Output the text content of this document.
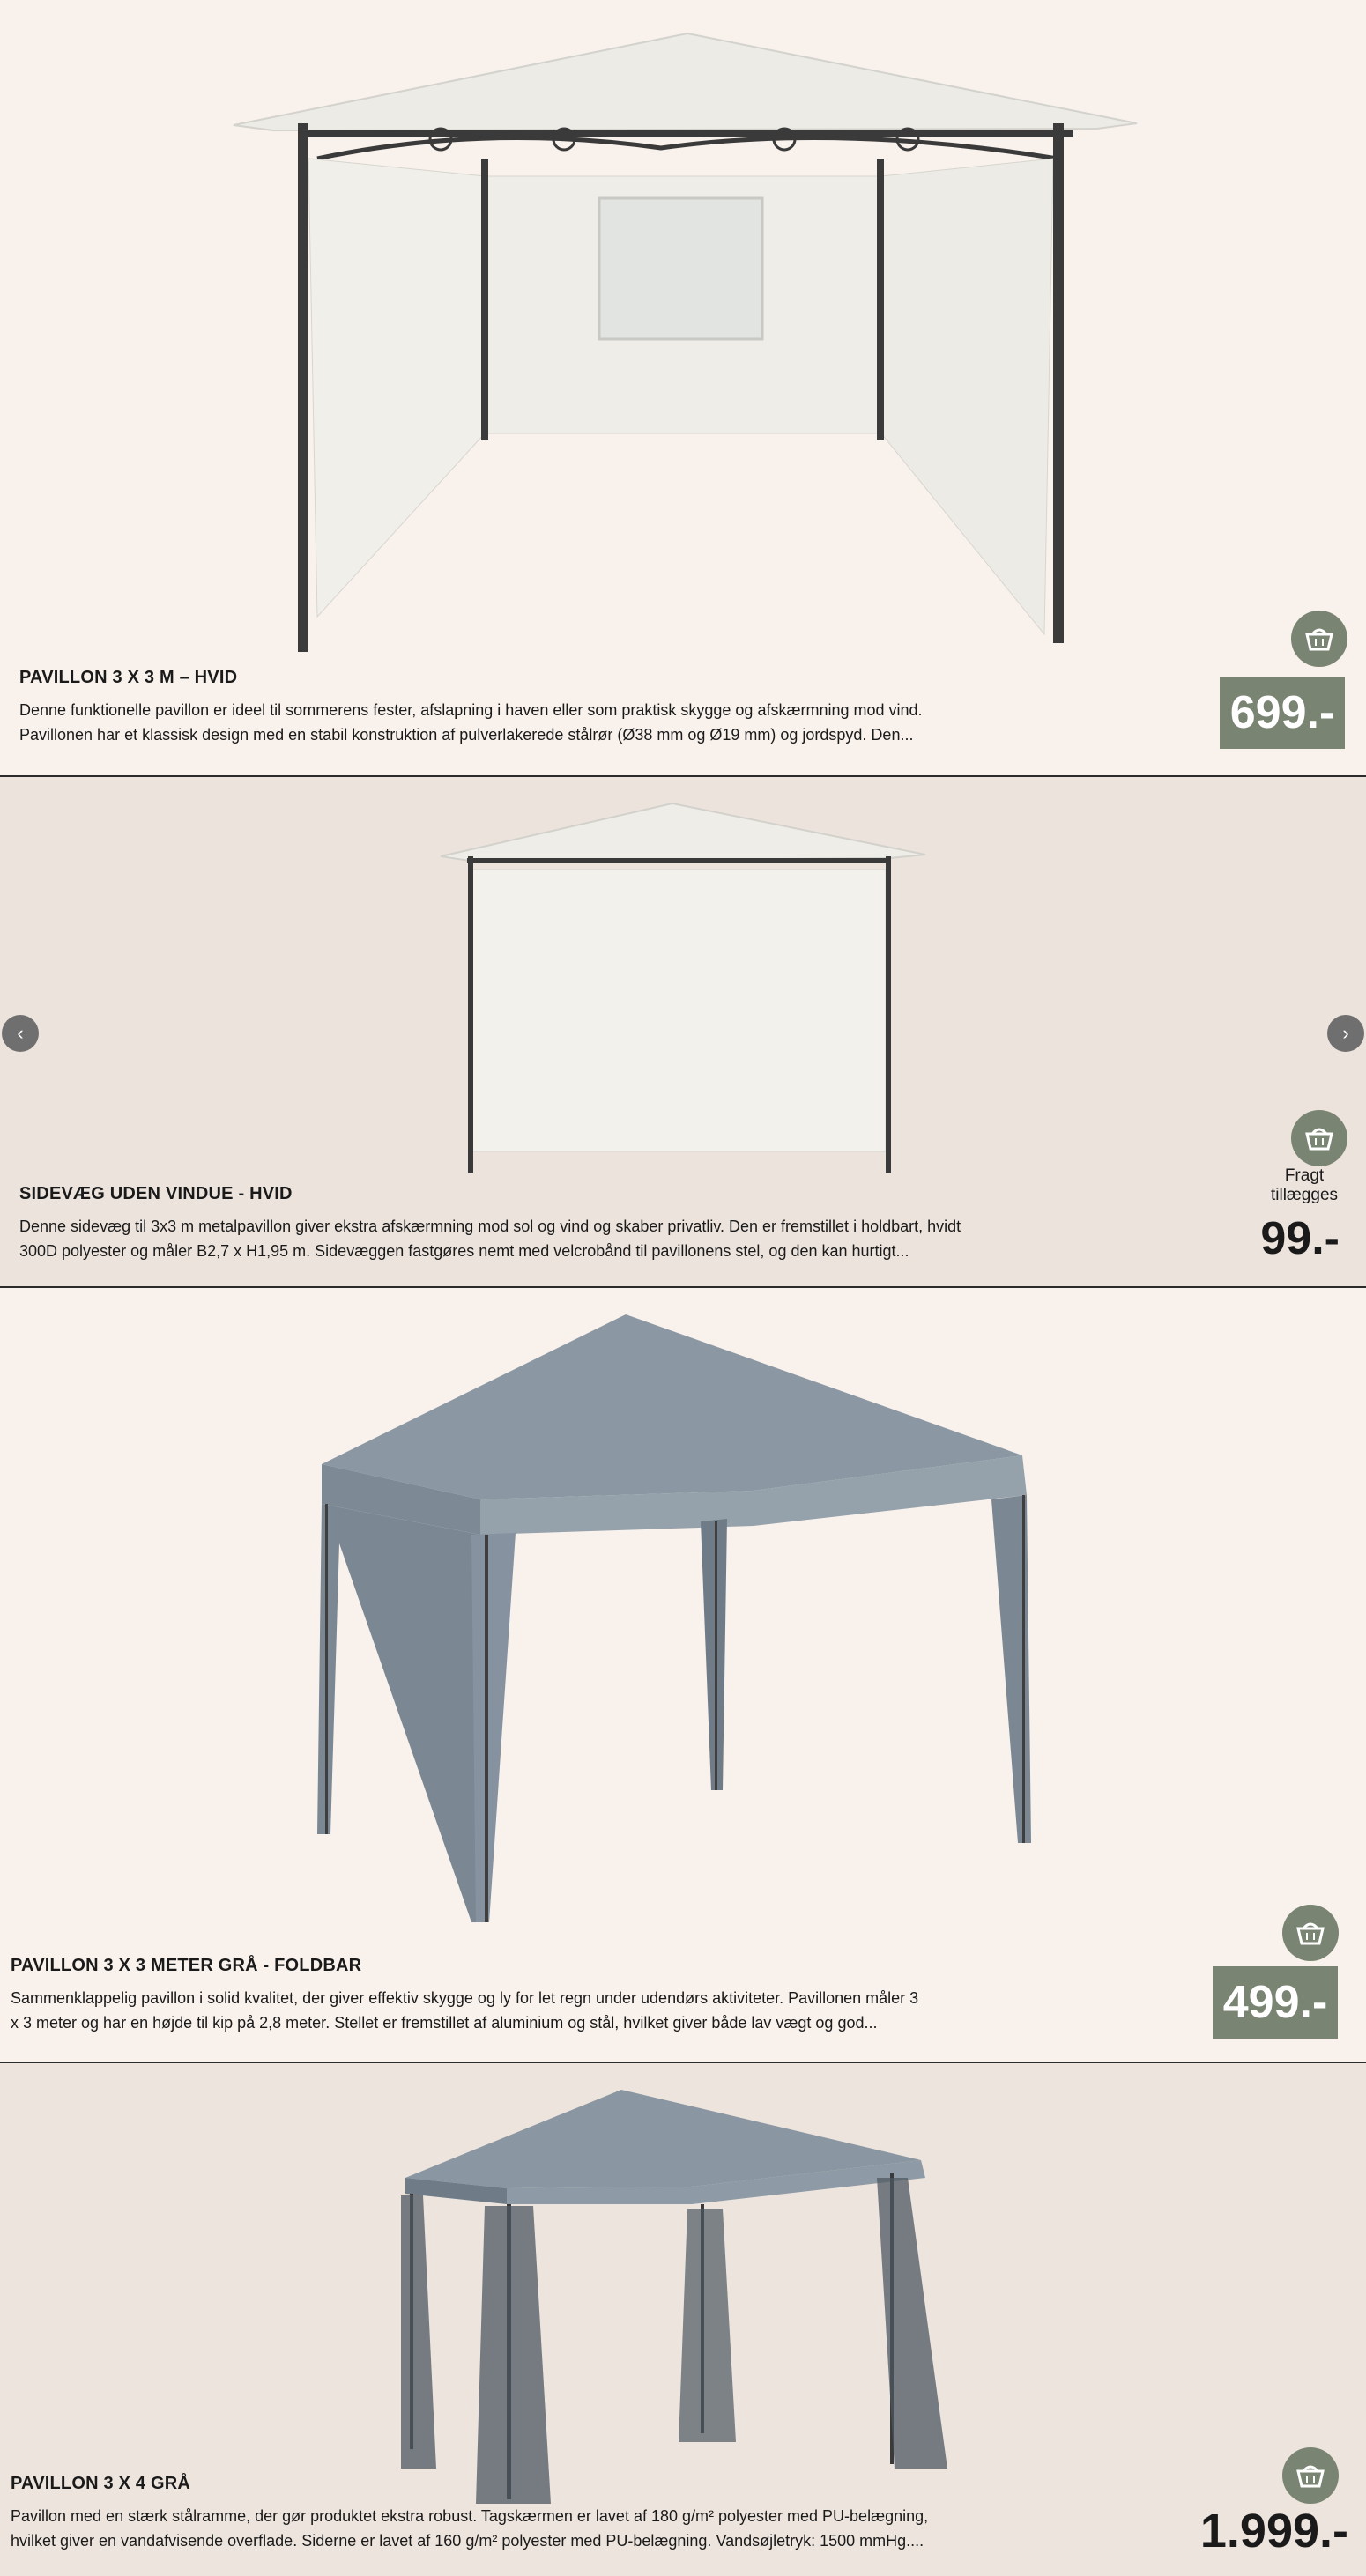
PAVILLON 3 X 3 M – HVID

Denne funktionelle pavillon er ideel til sommerens fester, afslapning i haven eller som praktisk skygge og afskærmning mod vind.

Pavillonen har et klassisk design med en stabil konstruktion af pulverlakerede stålrør (Ø38 mm og Ø19 mm) og jordspyd. Den...	699.-
‹	›
Fragt
tillægges
SIDEVÆG UDEN VINDUE - HVID

Denne sidevæg til 3x3 m metalpavillon giver ekstra afskærmning mod sol og vind og skaber privatliv. Den er fremstillet i holdbart, hvidt

300D polyester og måler B2,7 x H1,95 m. Sidevæggen fastgøres nemt med velcrobånd til pavillonens stel, og den kan hurtigt...	99.-
PAVILLON 3 X 3 METER GRÅ - FOLDBAR

Sammenklappelig pavillon i solid kvalitet, der giver effektiv skygge og ly for let regn under udendørs aktiviteter. Pavillonen måler 3

x 3 meter og har en højde til kip på 2,8 meter. Stellet er fremstillet af aluminium og stål, hvilket giver både lav vægt og god...	499.-
PAVILLON 3 X 4 GRÅ

Pavillon med en stærk stålramme, der gør produktet ekstra robust. Tagskærmen er lavet af 180 g/m² polyester med PU-belægning,

hvilket giver en vandafvisende overflade. Siderne er lavet af 160 g/m² polyester med PU-belægning. Vandsøjletryk: 1500 mmHg....	1.999.-
